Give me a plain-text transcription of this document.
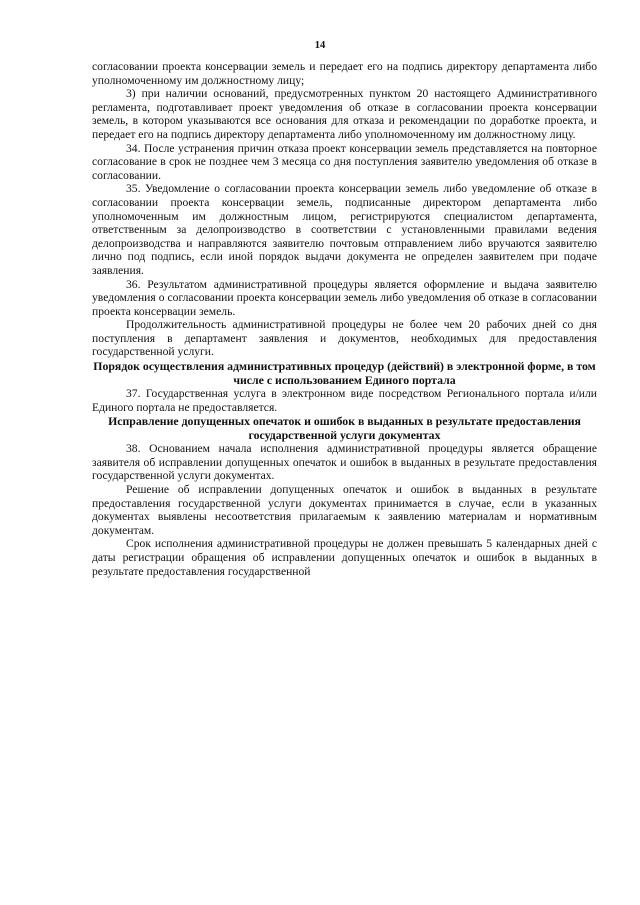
14

согласовании проекта консервации земель и передает его на подпись директору департамента либо уполномоченному им должностному лицу;

3) при наличии оснований, предусмотренных пунктом 20 настоящего Административного регламента, подготавливает проект уведомления об отказе в согласовании проекта консервации земель, в котором указываются все основания для отказа и рекомендации по доработке проекта, и передает его на подпись директору департамента либо уполномоченному им должностному лицу.

34. После устранения причин отказа проект консервации земель представляется на повторное согласование в срок не позднее чем 3 месяца со дня поступления заявителю уведомления об отказе в согласовании.

35. Уведомление о согласовании проекта консервации земель либо уведомление об отказе в согласовании проекта консервации земель, подписанные директором департамента либо уполномоченным им должностным лицом, регистрируются специалистом департамента, ответственным за делопроизводство в соответствии с установленными правилами ведения делопроизводства и направляются заявителю почтовым отправлением либо вручаются заявителю лично под подпись, если иной порядок выдачи документа не определен заявителем при подаче заявления.

36. Результатом административной процедуры является оформление и выдача заявителю уведомления о согласовании проекта консервации земель либо уведомления об отказе в согласовании проекта консервации земель.

Продолжительность административной процедуры не более чем 20 рабочих дней со дня поступления в департамент заявления и документов, необходимых для предоставления государственной услуги.

Порядок осуществления административных процедур (действий) в электронной форме, в том числе с использованием Единого портала

37. Государственная услуга в электронном виде посредством Регионального портала и/или Единого портала не предоставляется.

Исправление допущенных опечаток и ошибок в выданных в результате предоставления государственной услуги документах

38. Основанием начала исполнения административной процедуры является обращение заявителя об исправлении допущенных опечаток и ошибок в выданных в результате предоставления государственной услуги документах.

Решение об исправлении допущенных опечаток и ошибок в выданных в результате предоставления государственной услуги документах принимается в случае, если в указанных документах выявлены несоответствия прилагаемым к заявлению материалам и нормативным документам.

Срок исполнения административной процедуры не должен превышать 5 календарных дней с даты регистрации обращения об исправлении допущенных опечаток и ошибок в выданных в результате предоставления государственной
